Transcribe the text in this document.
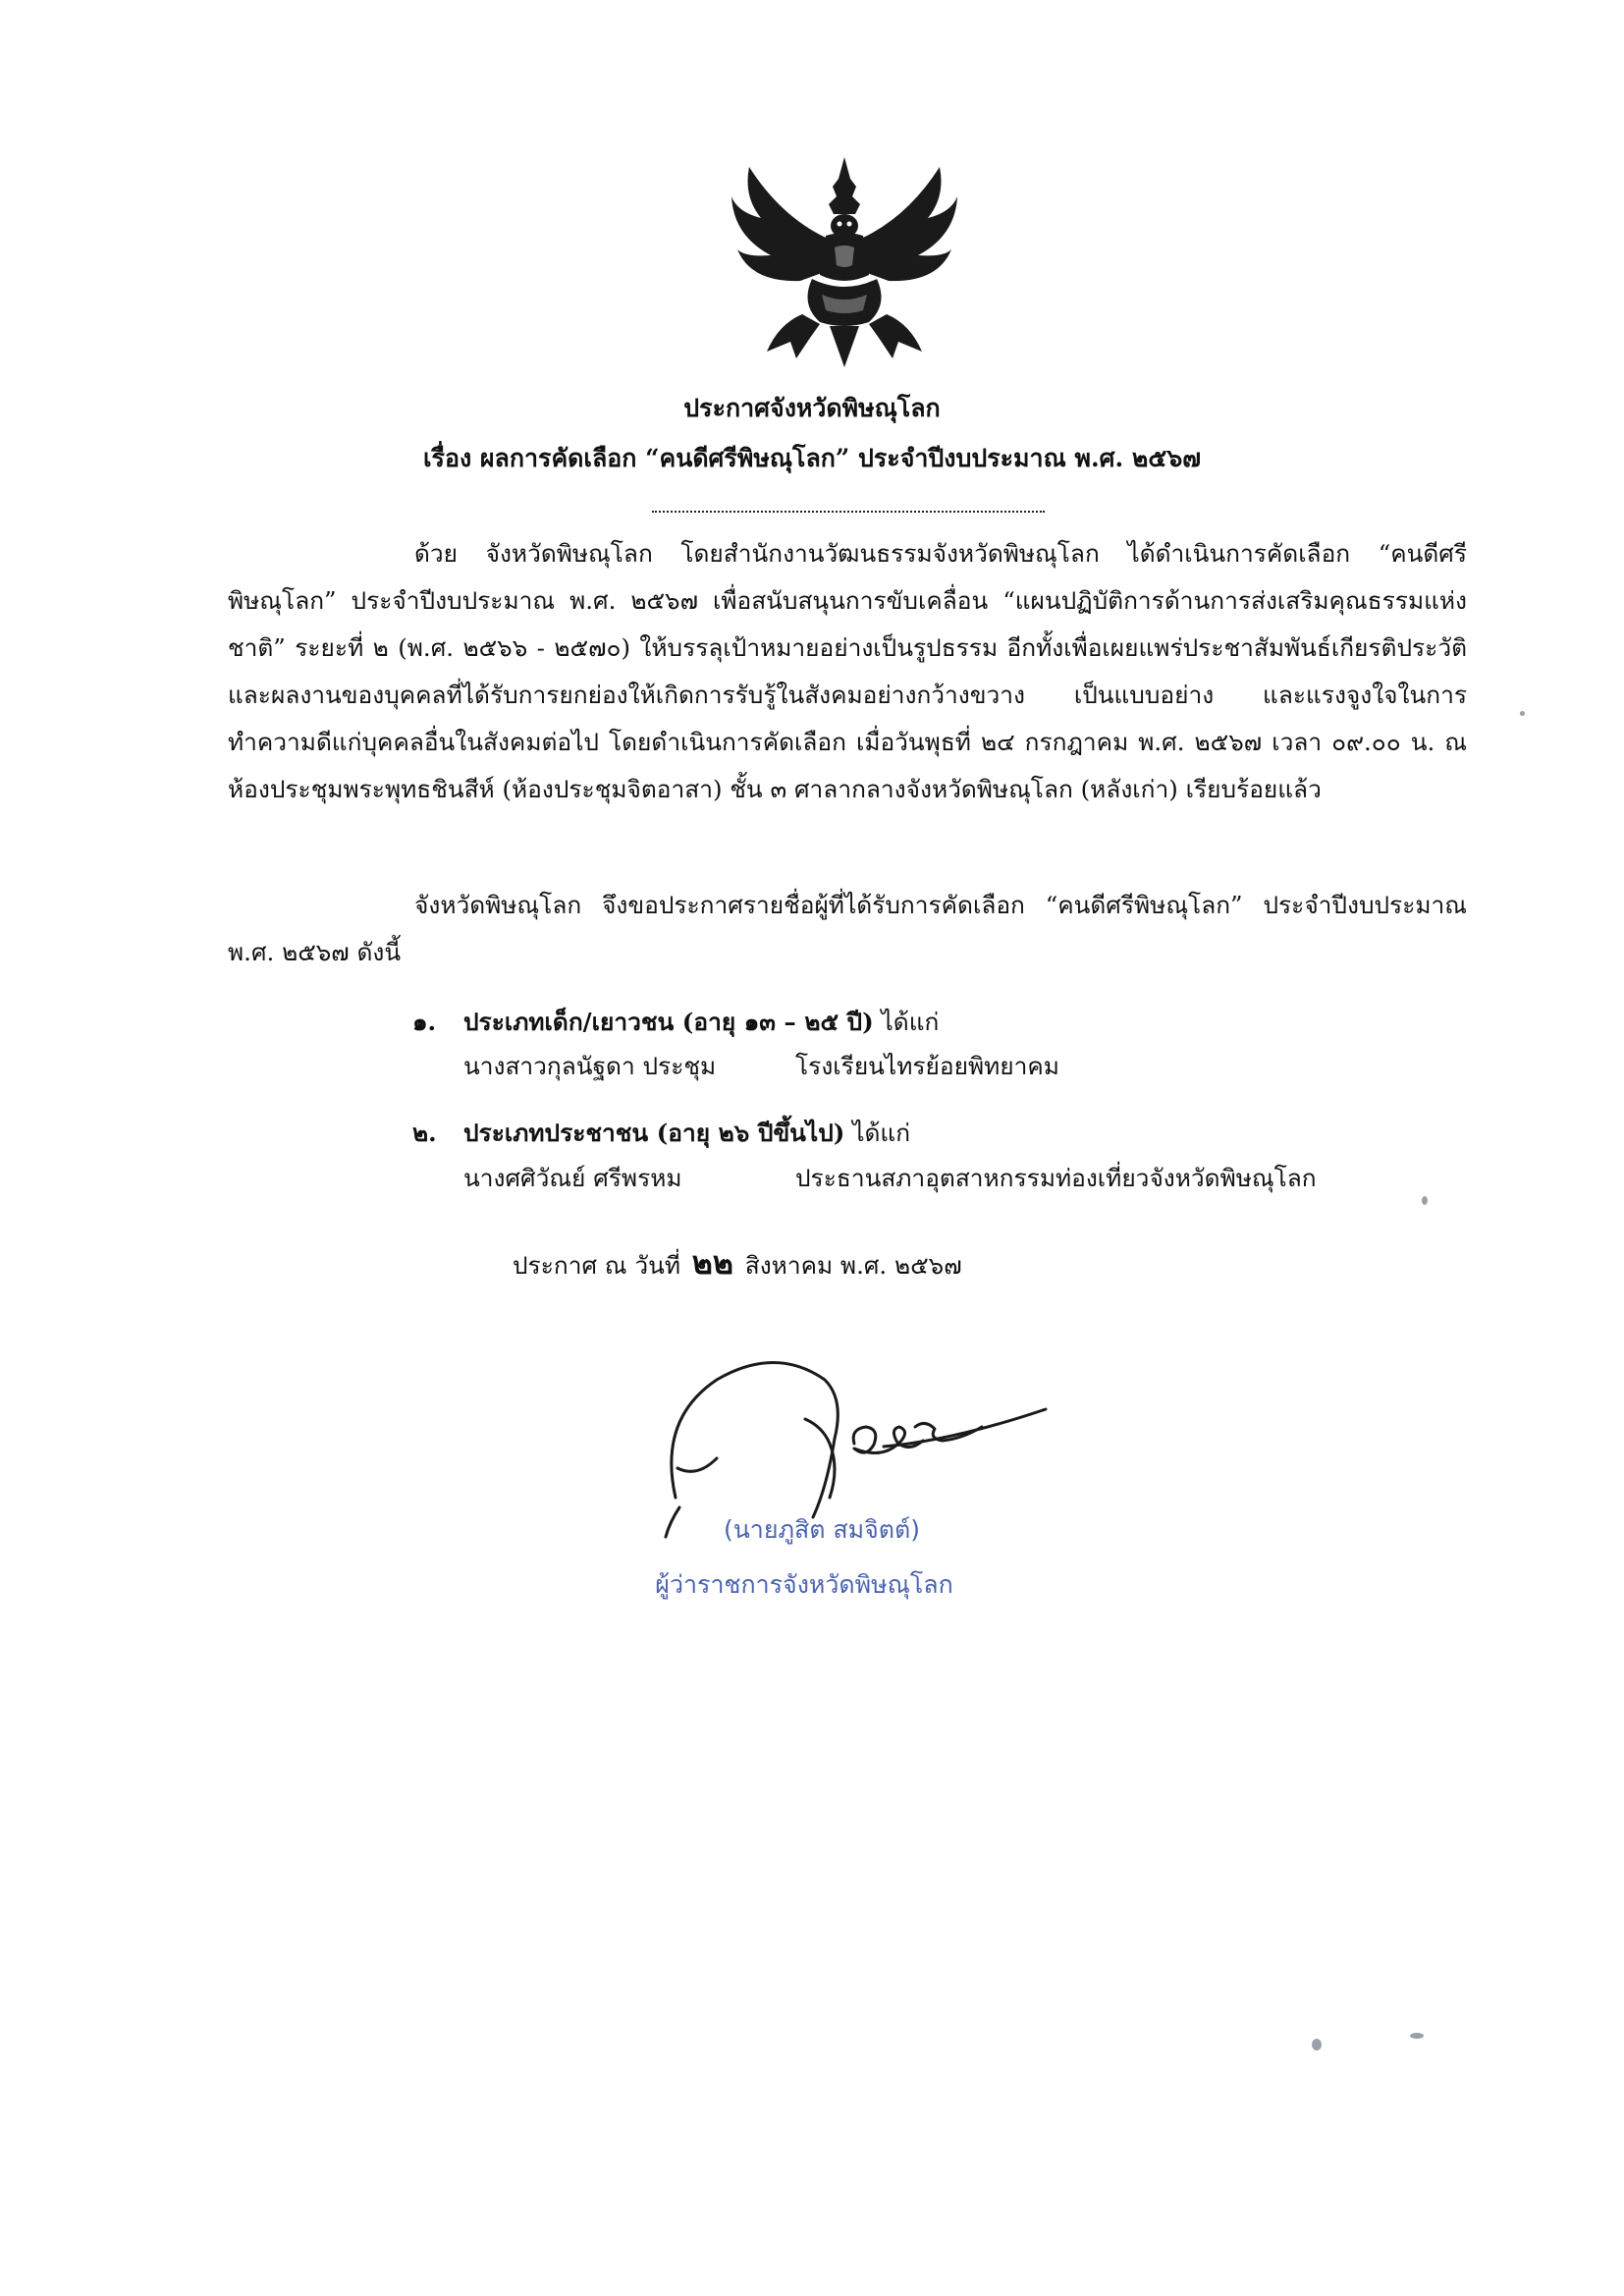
ประกาศจังหวัดพิษณุโลก
เรื่อง ผลการคัดเลือก “คนดีศรีพิษณุโลก” ประจำปีงบประมาณ พ.ศ. ๒๕๖๗
ด้วย จังหวัดพิษณุโลก โดยสำนักงานวัฒนธรรมจังหวัดพิษณุโลก ได้ดำเนินการคัดเลือก “คนดีศรีพิษณุโลก” ประจำปีงบประมาณ พ.ศ. ๒๕๖๗ เพื่อสนับสนุนการขับเคลื่อน “แผนปฏิบัติการด้านการส่งเสริมคุณธรรมแห่งชาติ” ระยะที่ ๒ (พ.ศ. ๒๕๖๖ - ๒๕๗๐) ให้บรรลุเป้าหมายอย่างเป็นรูปธรรม อีกทั้งเพื่อเผยแพร่ประชาสัมพันธ์เกียรติประวัติ และผลงานของบุคคลที่ได้รับการยกย่องให้เกิดการรับรู้ในสังคมอย่างกว้างขวาง เป็นแบบอย่าง และแรงจูงใจในการทำความดีแก่บุคคลอื่นในสังคมต่อไป โดยดำเนินการคัดเลือก เมื่อวันพุธที่ ๒๔ กรกฎาคม พ.ศ. ๒๕๖๗ เวลา ๐๙.๐๐ น. ณ ห้องประชุมพระพุทธชินสีห์ (ห้องประชุมจิตอาสา) ชั้น ๓ ศาลากลางจังหวัดพิษณุโลก (หลังเก่า) เรียบร้อยแล้ว
จังหวัดพิษณุโลก จึงขอประกาศรายชื่อผู้ที่ได้รับการคัดเลือก “คนดีศรีพิษณุโลก” ประจำปีงบประมาณ พ.ศ. ๒๕๖๗ ดังนี้
๑. ประเภทเด็ก/เยาวชน (อายุ ๑๓ – ๒๕ ปี) ได้แก่
นางสาวกุลนัฐดา ประชุม	โรงเรียนไทรย้อยพิทยาคม
๒. ประเภทประชาชน (อายุ ๒๖ ปีขึ้นไป) ได้แก่
นางศศิวัณย์ ศรีพรหม	ประธานสภาอุตสาหกรรมท่องเที่ยวจังหวัดพิษณุโลก
ประกาศ ณ วันที่ ๒๒ สิงหาคม พ.ศ. ๒๕๖๗
(นายภูสิต สมจิตต์)
ผู้ว่าราชการจังหวัดพิษณุโลก
